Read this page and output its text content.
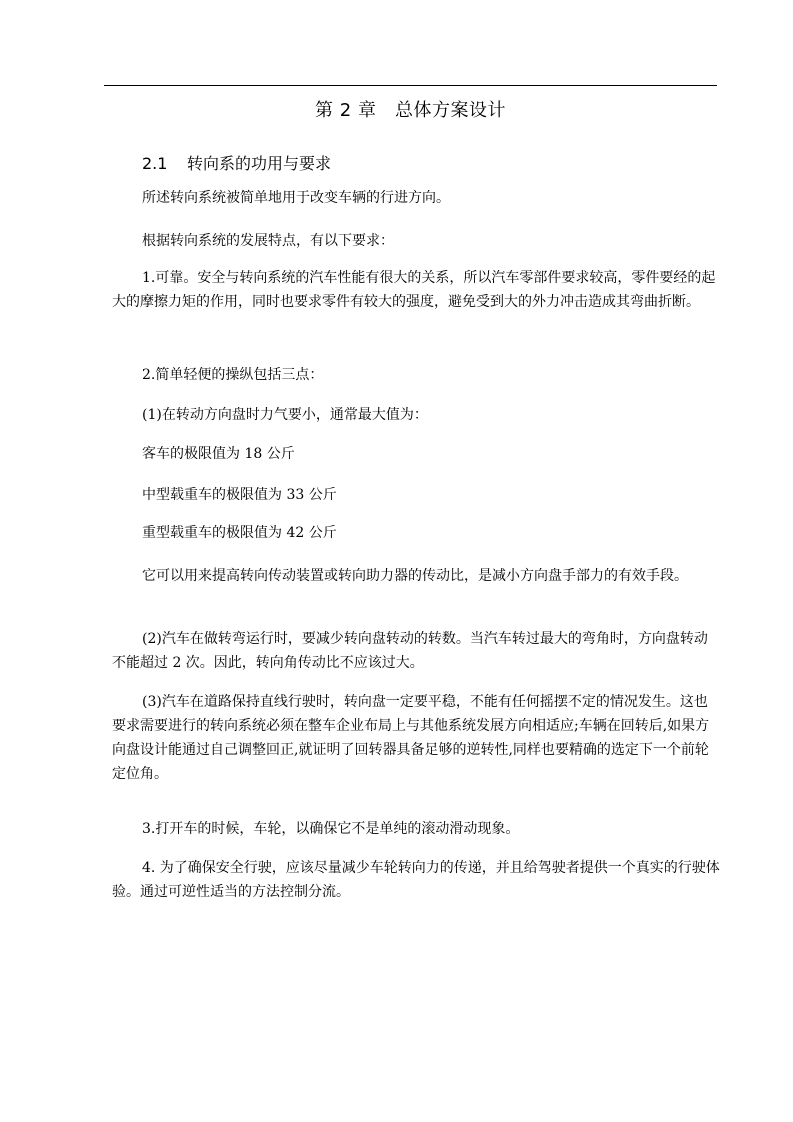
第 2 章　总体方案设计
2.1 转向系的功用与要求

所述转向系统被简单地用于改变车辆的行进方向。

根据转向系统的发展特点，有以下要求：

1.可靠。安全与转向系统的汽车性能有很大的关系，所以汽车零部件要求较高，零件要经的起大的摩擦力矩的作用，同时也要求零件有较大的强度，避免受到大的外力冲击造成其弯曲折断。

2.简单轻便的操纵包括三点：

(1)在转动方向盘时力气要小，通常最大值为：

客车的极限值为 18 公斤

中型载重车的极限值为 33 公斤

重型载重车的极限值为 42 公斤

它可以用来提高转向传动装置或转向助力器的传动比，是减小方向盘手部力的有效手段。

(2)汽车在做转弯运行时，要减少转向盘转动的转数。当汽车转过最大的弯角时，方向盘转动不能超过 2 次。因此，转向角传动比不应该过大。

(3)汽车在道路保持直线行驶时，转向盘一定要平稳，不能有任何摇摆不定的情况发生。这也要求需要进行的转向系统必须在整车企业布局上与其他系统发展方向相适应;车辆在回转后,如果方向盘设计能通过自己调整回正,就证明了回转器具备足够的逆转性,同样也要精确的选定下一个前轮定位角。

3.打开车的时候，车轮，以确保它不是单纯的滚动滑动现象。

4. 为了确保安全行驶，应该尽量减少车轮转向力的传递，并且给驾驶者提供一个真实的行驶体验。通过可逆性适当的方法控制分流。
